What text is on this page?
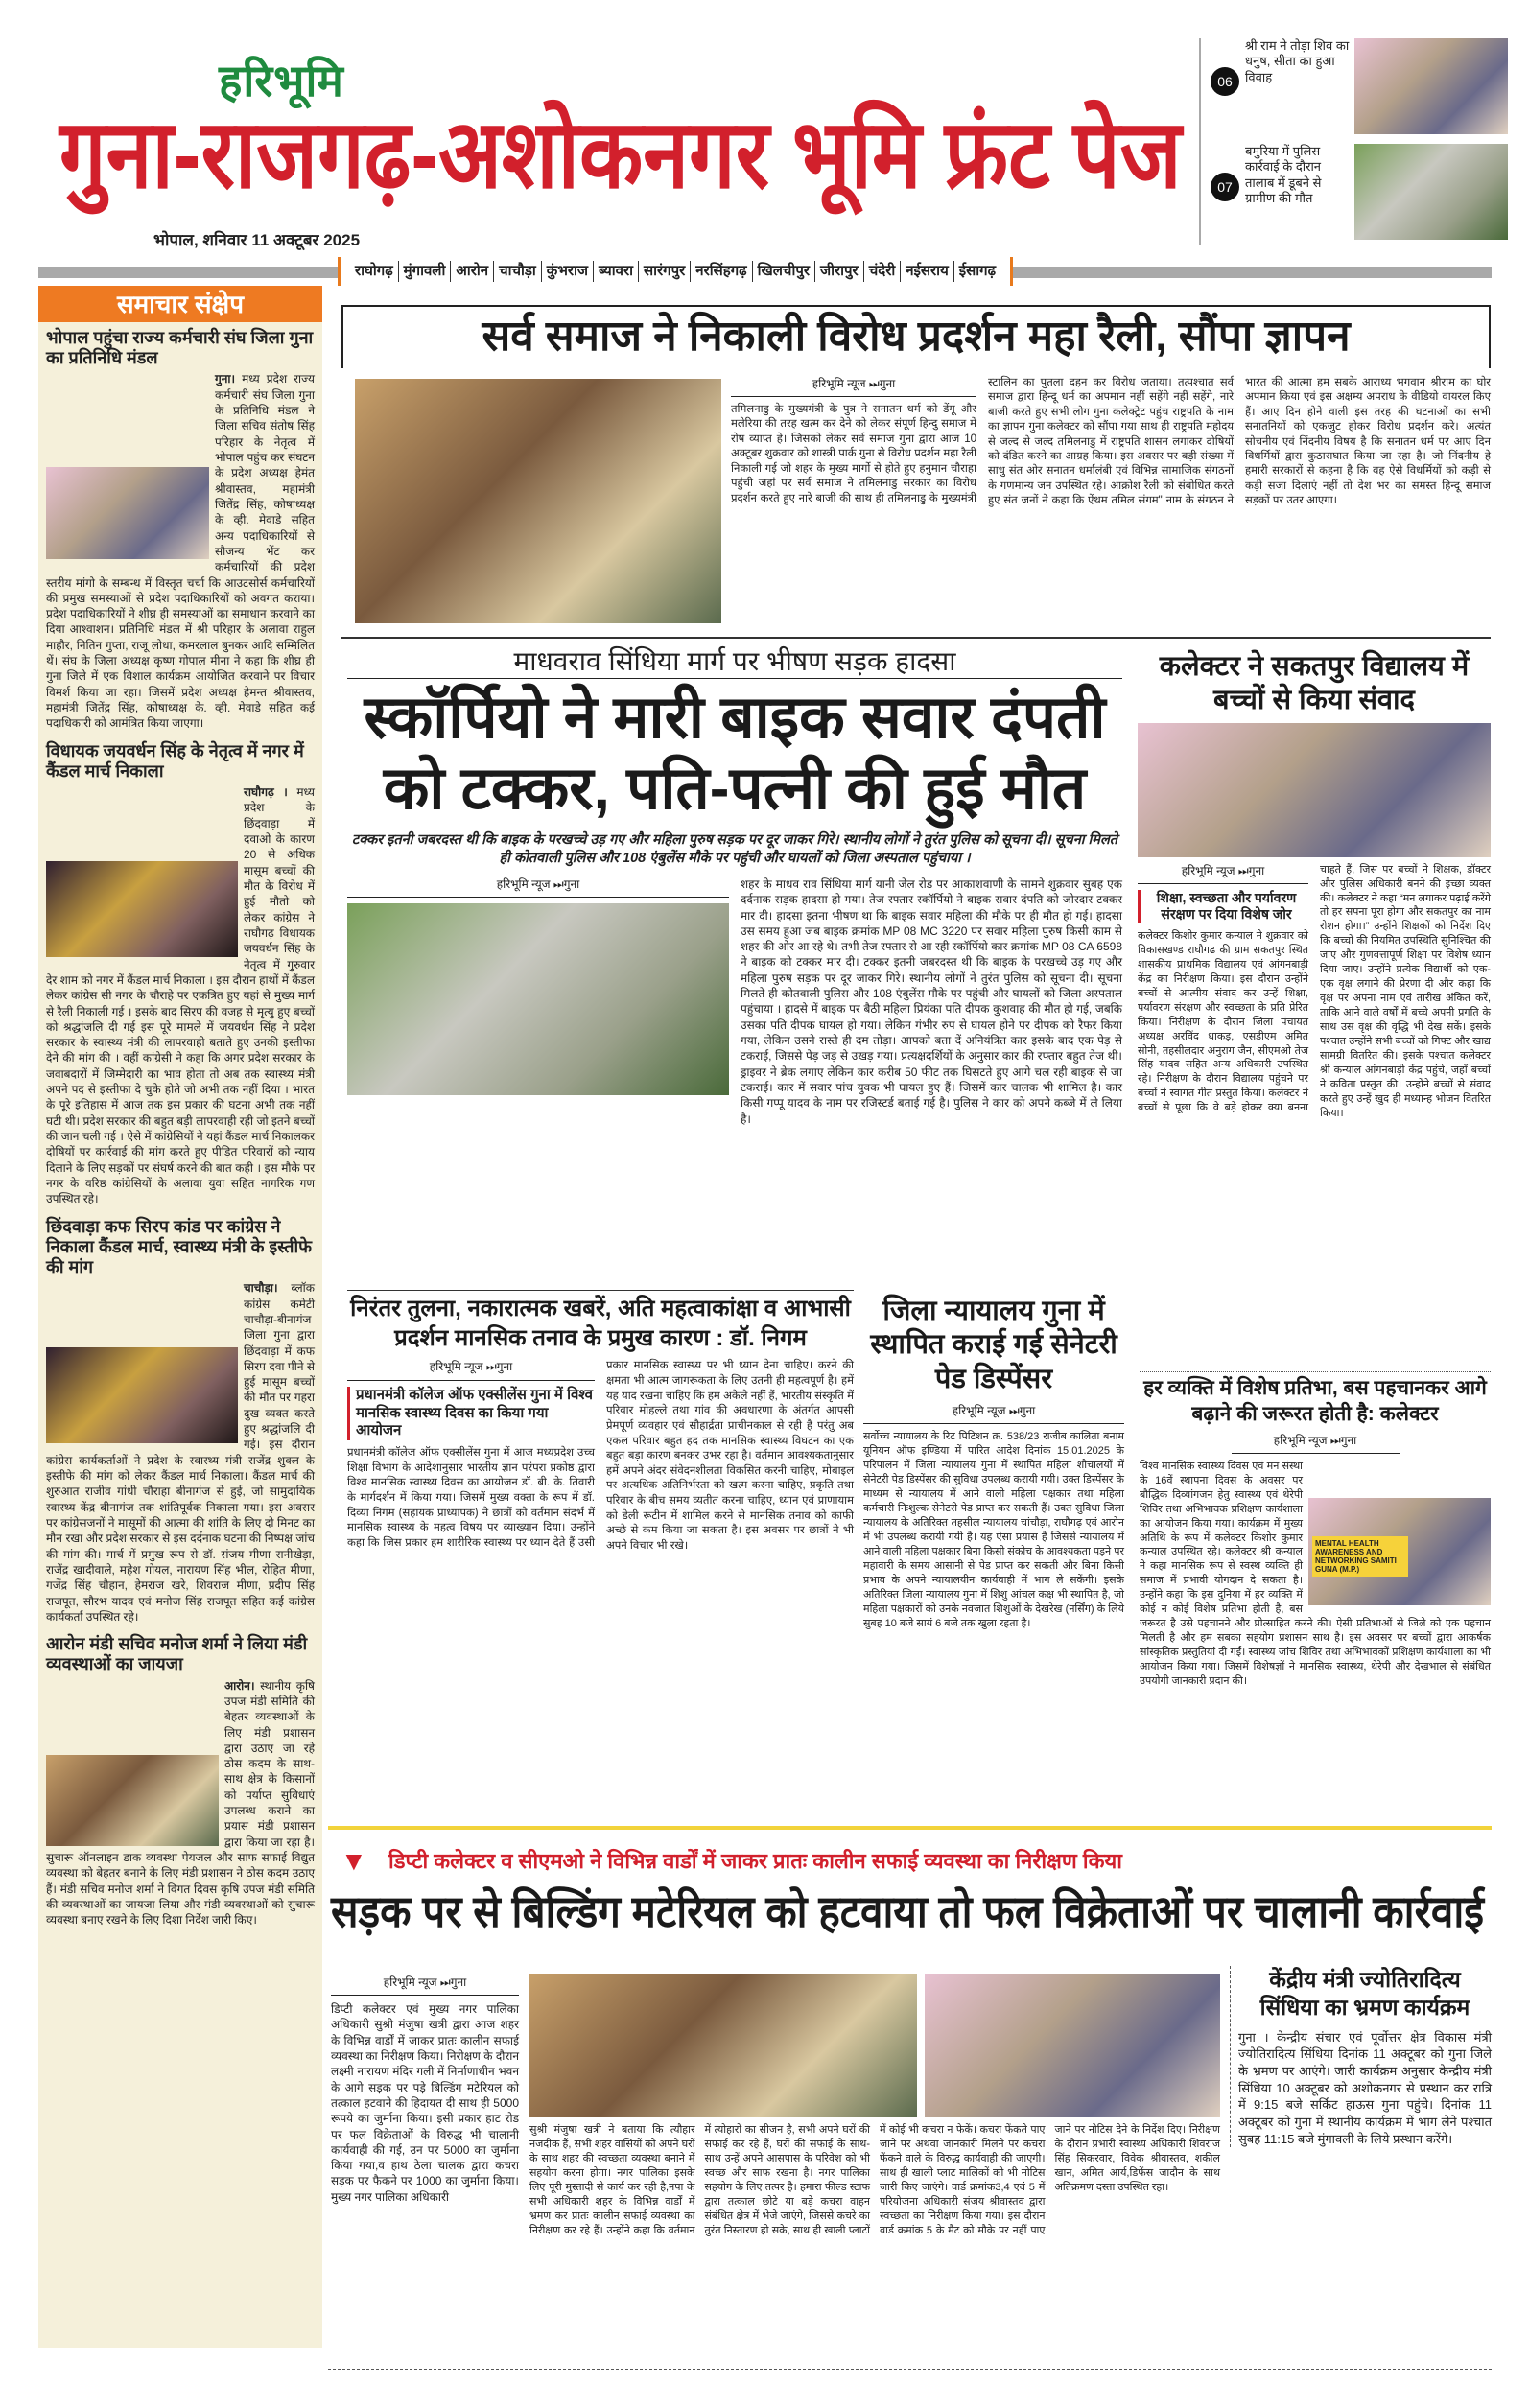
हरिभूमि
गुना-राजगढ़-अशोकनगर भूमि फ्रंट पेज
भोपाल, शनिवार 11 अक्टूबर 2025
06
श्री राम ने तोड़ा शिव का धनुष, सीता का हुआ विवाह
07
बमुरिया में पुलिस कार्रवाई के दौरान तालाब में डूबने से ग्रामीण की मौत
राघोगढ़ मुंगावली आरोन चाचौड़ा कुंभराज ब्यावरा सारंगपुर नरसिंहगढ़ खिलचीपुर जीरापुर चंदेरी नईसराय ईसागढ़
समाचार संक्षेप
भोपाल पहुंचा राज्य कर्मचारी संघ जिला गुना का प्रतिनिधि मंडल

गुना। मध्य प्रदेश राज्य कर्मचारी संघ जिला गुना के प्रतिनिधि मंडल ने जिला सचिव संतोष सिंह परिहार के नेतृत्व में भोपाल पहुंच कर संघटन के प्रदेश अध्यक्ष हेमंत श्रीवास्तव, महामंत्री जितेंद्र सिंह, कोषाध्यक्ष के व्ही. मेवाडे सहित अन्य पदाधिकारियों से सौजन्य भेंट कर कर्मचारियों की प्रदेश स्तरीय मांगो के सम्बन्ध में विस्तृत चर्चा कि आउटसोर्स कर्मचारियों की प्रमुख समस्याओं से प्रदेश पदाधिकारियों को अवगत कराया। प्रदेश पदाधिकारियों ने शीघ्र ही समस्याओं का समाधान करवाने का दिया आश्वाशन। प्रतिनिधि मंडल में श्री परिहार के अलावा राहुल माहौर, नितिन गुप्ता, राजू लोधा, कमरलाल बुनकर आदि सम्मिलित थें। संघ के जिला अध्यक्ष कृष्ण गोपाल मीना ने कहा कि शीघ्र ही गुना जिले में एक विशाल कार्यक्रम आयोजित करवाने पर विचार विमर्श किया जा रहा। जिसमें प्रदेश अध्यक्ष हेमन्त श्रीवास्तव, महामंत्री जितेंद्र सिंह, कोषाध्यक्ष के. व्ही. मेवाडे सहित कई पदाधिकारी को आमंत्रित किया जाएगा।

विधायक जयवर्धन सिंह के नेतृत्व में नगर में कैंडल मार्च निकाला

राघौगढ़ । मध्य प्रदेश के छिंदवाड़ा में दवाओ के कारण 20 से अधिक मासूम बच्चों की मौत के विरोध में हुई मौतो को लेकर कांग्रेस ने राघौगढ़ विधायक जयवर्धन सिंह के नेतृत्व में गुरुवार देर शाम को नगर में कैंडल मार्च निकाला । इस दौरान हाथों में कैंडल लेकर कांग्रेस सी नगर के चौराहे पर एकत्रित हुए यहां से मुख्य मार्ग से रैली निकाली गई । इसके बाद सिरप की वजह से मृत्यु हुए बच्चों को श्रद्धांजलि दी गई इस पूरे मामले में जयवर्धन सिंह ने प्रदेश सरकार के स्वास्थ्य मंत्री की लापरवाही बताते हुए उनकी इस्तीफा देने की मांग की । वहीं कांग्रेसी ने कहा कि अगर प्रदेश सरकार के जवाबदारों में जिम्मेदारी का भाव होता तो अब तक स्वास्थ्य मंत्री अपने पद से इस्तीफा दे चुके होते जो अभी तक नहीं दिया । भारत के पूरे इतिहास में आज तक इस प्रकार की घटना अभी तक नहीं घटी थी। प्रदेश सरकार की बहुत बड़ी लापरवाही रही जो इतने बच्चों की जान चली गई । ऐसे में कांग्रेसियों ने यहां कैंडल मार्च निकालकर दोषियों पर कार्रवाई की मांग करते हुए पीड़ित परिवारों को न्याय दिलाने के लिए सड़कों पर संघर्ष करने की बात कही । इस मौके पर नगर के वरिष्ठ कांग्रेसियों के अलावा युवा सहित नागरिक गण उपस्थित रहे।

छिंदवाड़ा कफ सिरप कांड पर कांग्रेस ने निकाला कैंडल मार्च, स्वास्थ्य मंत्री के इस्तीफे की मांग

चाचौड़ा। ब्लॉक कांग्रेस कमेटी चाचौड़ा-बीनागंज जिला गुना द्वारा छिंदवाड़ा में कफ सिरप दवा पीने से हुई मासूम बच्चों की मौत पर गहरा दुख व्यक्त करते हुए श्रद्धांजलि दी गई। इस दौरान कांग्रेस कार्यकर्ताओं ने प्रदेश के स्वास्थ्य मंत्री राजेंद्र शुक्ल के इस्तीफे की मांग को लेकर कैंडल मार्च निकाला। कैंडल मार्च की शुरुआत राजीव गांधी चौराहा बीनागंज से हुई, जो सामुदायिक स्वास्थ्य केंद्र बीनागंज तक शांतिपूर्वक निकाला गया। इस अवसर पर कांग्रेसजनों ने मासूमों की आत्मा की शांति के लिए दो मिनट का मौन रखा और प्रदेश सरकार से इस दर्दनाक घटना की निष्पक्ष जांच की मांग की। मार्च में प्रमुख रूप से डॉ. संजय मीणा रानीखेड़ा, राजेंद्र खादीवाले, महेश गोयल, नारायण सिंह भील, रोहित मीणा, गजेंद्र सिंह चौहान, हेमराज खरे, शिवराज मीणा, प्रदीप सिंह राजपूत, सौरभ यादव एवं मनोज सिंह राजपूत सहित कई कांग्रेस कार्यकर्ता उपस्थित रहे।

आरोन मंडी सचिव मनोज शर्मा ने लिया मंडी व्यवस्थाओं का जायजा

आरोन। स्थानीय कृषि उपज मंडी समिति की बेहतर व्यवस्थाओं के लिए मंडी प्रशासन द्वारा उठाए जा रहे ठोस कदम के साथ-साथ क्षेत्र के किसानों को पर्याप्त सुविधाएं उपलब्ध कराने का प्रयास मंडी प्रशासन द्वारा किया जा रहा है। सुचारू ऑनलाइन डाक व्यवस्था पेयजल और साफ सफाई विद्युत व्यवस्था को बेहतर बनाने के लिए मंडी प्रशासन ने ठोस कदम उठाए हैं। मंडी सचिव मनोज शर्मा ने विगत दिवस कृषि उपज मंडी समिति की व्यवस्थाओं का जायजा लिया और मंडी व्यवस्थाओं को सुचारू व्यवस्था बनाए रखने के लिए दिशा निर्देश जारी किए।

सर्व समाज ने निकाली विरोध प्रदर्शन महा रैली, सौंपा ज्ञापन
हरिभूमि न्यूज ⏭गुना
तमिलनाडु के मुख्यमंत्री के पुत्र ने सनातन धर्म को डेंगू और मलेरिया की तरह खत्म कर देने को लेकर संपूर्ण हिन्दु समाज में रोष व्याप्त हे। जिसको लेकर सर्व समाज गुना द्वारा आज 10 अक्टूबर शुक्रवार को शास्त्री पार्क गुना से विरोध प्रदर्शन महा रैली निकाली गई जो शहर के मुख्य मार्गो से होते हुए हनुमान चौराहा पहुंची जहां पर सर्व समाज ने तमिलनाडु सरकार का विरोध प्रदर्शन करते हुए नारे बाजी की साथ ही तमिलनाडु के मुख्यमंत्री स्टालिन का पुतला दहन कर विरोध जताया। तत्पश्चात सर्व समाज द्वारा हिन्दू धर्म का अपमान नहीं सहेंगे नहीं सहेंगे, नारे बाजी करते हुए सभी लोग गुना कलेक्ट्रेट पहुंच राष्ट्रपति के नाम का ज्ञापन गुना कलेक्टर को सौंपा गया साथ ही राष्ट्रपति महोदय से जल्द से जल्द तमिलनाडु में राष्ट्रपति शासन लगाकर दोषियों को दंडित करने का आग्रह किया। इस अवसर पर बड़ी संख्या में साधु संत ओर सनातन धर्मालंबी एवं विभिन्न सामाजिक संगठनों के गणमान्य जन उपस्थित रहे। आक्रोश रैली को संबोधित करते हुए संत जनों ने कहा कि ऐंथम तमिल संगम" नाम के संगठन ने भारत की आत्मा हम सबके आराध्य भगवान श्रीराम का घोर अपमान किया एवं इस अक्षम्य अपराध के वीडियो वायरल किए हैं। आए दिन होने वाली इस तरह की घटनाओं का सभी सनातनियों को एकजुट होकर विरोध प्रदर्शन करे। अत्यंत सोचनीय एवं निंदनीय विषय है कि सनातन धर्म पर आए दिन विधर्मियों द्वारा कुठाराघात किया जा रहा है। जो निंदनीय हे हमारी सरकारों से कहना है कि वह ऐसे विधर्मियों को कड़ी से कड़ी सजा दिलाएं नहीं तो देश भर का समस्त हिन्दू समाज सड़कों पर उतर आएगा।
माधवराव सिंधिया मार्ग पर भीषण सड़क हादसा
स्कॉर्पियो ने मारी बाइक सवार दंपती को टक्कर, पति-पत्नी की हुई मौत
टक्कर इतनी जबरदस्त थी कि बाइक के परखच्चे उड़ गए और महिला पुरुष सड़क पर दूर जाकर गिरे। स्थानीय लोगों ने तुरंत पुलिस को सूचना दी। सूचना मिलते ही कोतवाली पुलिस और 108 एंबुलेंस मौके पर पहुंची और घायलों को जिला अस्पताल पहुंचाया ।
हरिभूमि न्यूज ⏭गुना	शहर के माधव राव सिंधिया मार्ग यानी जेल रोड पर आकाशवाणी के सामने शुक्रवार सुबह एक दर्दनाक सड़क हादसा हो गया। तेज रफ्तार स्कॉर्पियो ने बाइक सवार दंपति को जोरदार टक्कर मार दी। हादसा इतना भीषण था कि बाइक सवार महिला की मौके पर ही मौत हो गई। हादसा उस समय हुआ जब बाइक क्रमांक MP 08 MC 3220 पर सवार महिला पुरुष किसी काम से शहर की ओर आ रहे थे। तभी तेज रफ्तार से आ रही स्कॉर्पियो कार क्रमांक MP 08 CA 6598 ने बाइक को टक्कर मार दी। टक्कर इतनी जबरदस्त थी कि बाइक के परखच्चे उड़ गए और महिला पुरुष सड़क पर दूर जाकर गिरे। स्थानीय लोगों ने तुरंत पुलिस को सूचना दी। सूचना मिलते ही कोतवाली पुलिस और 108 एंबुलेंस मौके पर पहुंची और घायलों को जिला अस्पताल पहुंचाया । हादसे में बाइक पर बैठी महिला प्रियंका पति दीपक कुशवाह की मौत हो गई, जबकि उसका पति दीपक घायल हो गया। लेकिन गंभीर रुप से घायल होने पर दीपक को रैफर किया गया, लेकिन उसने रास्ते ही दम तोड़ा। आपको बता दें अनियंत्रित कार इसके बाद एक पेड़ से टकराई, जिससे पेड़ जड़ से उखड़ गया। प्रत्यक्षदर्शियों के अनुसार कार की रफ्तार बहुत तेज थी। ड्राइवर ने ब्रेक लगाए लेकिन कार करीब 50 फीट तक घिसटते हुए आगे चल रही बाइक से जा टकराई। कार में सवार पांच युवक भी घायल हुए हैं। जिसमें कार चालक भी शामिल है। कार किसी गप्पू यादव के नाम पर रजिस्टर्ड बताई गई है। पुलिस ने कार को अपने कब्जे में ले लिया है।
कलेक्टर ने सकतपुर विद्यालय में बच्चों से किया संवाद
हरिभूमि न्यूज ⏭गुना
शिक्षा, स्वच्छता और पर्यावरण संरक्षण पर दिया विशेष जोर
कलेक्टर किशोर कुमार कन्याल ने शुक्रवार को विकासखण्ड राघौगढ की ग्राम सकतपुर स्थित शासकीय प्राथमिक विद्यालय एवं आंगनबाड़ी केंद्र का निरीक्षण किया। इस दौरान उन्होंने बच्चों से आत्मीय संवाद कर उन्हें शिक्षा, पर्यावरण संरक्षण और स्वच्छता के प्रति प्रेरित किया। निरीक्षण के दौरान जिला पंचायत अध्यक्ष अरविंद धाकड़, एसडीएम अमित सोनी, तहसीलदार अनुराग जैन, सीएमओ तेज सिंह यादव सहित अन्य अधिकारी उपस्थित रहे। निरीक्षण के दौरान विद्यालय पहुंचने पर बच्चों ने स्वागत गीत प्रस्तुत किया। कलेक्टर ने बच्चों से पूछा कि वे बड़े होकर क्या बनना चाहते हैं, जिस पर बच्चों ने शिक्षक, डॉक्टर और पुलिस अधिकारी बनने की इच्छा व्यक्त की। कलेक्टर ने कहा “मन लगाकर पढ़ाई करेंगे तो हर सपना पूरा होगा और सकतपुर का नाम रोशन होगा।” उन्होंने शिक्षकों को निर्देश दिए कि बच्चों की नियमित उपस्थिति सुनिश्चित की जाए और गुणवत्तापूर्ण शिक्षा पर विशेष ध्यान दिया जाए। उन्होंने प्रत्येक विद्यार्थी को एक-एक वृक्ष लगाने की प्रेरणा दी और कहा कि वृक्ष पर अपना नाम एवं तारीख अंकित करें, ताकि आने वाले वर्षों में बच्चे अपनी प्रगति के साथ उस वृक्ष की वृद्धि भी देख सकें। इसके पश्चात उन्होंने सभी बच्चों को गिफ्ट और खाद्य सामग्री वितरित की। इसके पश्चात कलेक्टर श्री कन्याल आंगनबाड़ी केंद्र पहुंचे, जहाँ बच्चों ने कविता प्रस्तुत की। उन्होंने बच्चों से संवाद करते हुए उन्हें खुद ही मध्यान्ह भोजन वितरित किया।
निरंतर तुलना, नकारात्मक खबरें, अति महत्वाकांक्षा व आभासी प्रदर्शन मानसिक तनाव के प्रमुख कारण : डॉ. निगम
हरिभूमि न्यूज ⏭गुना
प्रधानमंत्री कॉलेज ऑफ एक्सीलेंस गुना में विश्व मानसिक स्वास्थ्य दिवस का किया गया आयोजन
प्रधानमंत्री कॉलेज ऑफ एक्सीलेंस गुना में आज मध्यप्रदेश उच्च शिक्षा विभाग के आदेशानुसार भारतीय ज्ञान परंपरा प्रकोष्ठ द्वारा विश्व मानसिक स्वास्थ्य दिवस का आयोजन डॉ. बी. के. तिवारी के मार्गदर्शन में किया गया। जिसमें मुख्य वक्ता के रूप में डॉ. दिव्या निगम (सहायक प्राध्यापक) ने छात्रों को वर्तमान संदर्भ में मानसिक स्वास्थ्य के महत्व विषय पर व्याख्यान दिया। उन्होंने कहा कि जिस प्रकार हम शारीरिक स्वास्थ्य पर ध्यान देते हैं उसी प्रकार मानसिक स्वास्थ्य पर भी ध्यान देना चाहिए। करने की क्षमता भी आत्म जागरूकता के लिए उतनी ही महत्वपूर्ण है। हमें यह याद रखना चाहिए कि हम अकेले नहीं हैं, भारतीय संस्कृति में परिवार मोहल्ले तथा गांव की अवधारणा के अंतर्गत आपसी प्रेमपूर्ण व्यवहार एवं सौहार्द्रता प्राचीनकाल से रही है परंतु अब एकल परिवार बहुत हद तक मानसिक स्वास्थ्य विघटन का एक बहुत बड़ा कारण बनकर उभर रहा है। वर्तमान आवश्यकतानुसार हमें अपने अंदर संवेदनशीलता विकसित करनी चाहिए, मोबाइल पर अत्यधिक अतिनिर्भरता को खत्म करना चाहिए, प्रकृति तथा परिवार के बीच समय व्यतीत करना चाहिए, ध्यान एवं प्राणायाम को डेली रूटीन में शामिल करने से मानसिक तनाव को काफी अच्छे से कम किया जा सकता है। इस अवसर पर छात्रों ने भी अपने विचार भी रखे।
जिला न्यायालय गुना में स्थापित कराई गई सेनेटरी पेड डिस्पेंसर
हरिभूमि न्यूज ⏭गुना
सर्वोच्च न्यायालय के रिट पिटिशन क्र. 538/23 राजीब कालिता बनाम यूनियन ऑफ इण्डिया में पारित आदेश दिनांक 15.01.2025 के परिपालन में जिला न्यायालय गुना में स्थापित महिला शौचालयों में सेनेटरी पेड डिस्पेंसर की सुविधा उपलब्ध करायी गयी। उक्त डिस्पेंसर के माध्यम से न्यायालय में आने वाली महिला पक्षकार तथा महिला कर्मचारी निःशुल्क सेनेटरी पेड प्राप्त कर सकती हैं। उक्त सुविधा जिला न्यायालय के अतिरिक्त तहसील न्यायालय चांचौड़ा, राघौगढ़ एवं आरोन में भी उपलब्ध करायी गयी है। यह ऐसा प्रयास है जिससे न्यायालय में आने वाली महिला पक्षकार बिना किसी संकोच के आवश्यकता पड़ने पर महावारी के समय आसानी से पेड प्राप्त कर सकती और बिना किसी प्रभाव के अपने न्यायालयीन कार्यवाही में भाग ले सकेंगी। इसके अतिरिक्त जिला न्यायालय गुना में शिशु आंचल कक्ष भी स्थापित है, जो महिला पक्षकारों को उनके नवजात शिशुओं के देखरेख (नर्सिंग) के लिये सुबह 10 बजे सायं 6 बजे तक खुला रहता है।
हर व्यक्ति में विशेष प्रतिभा, बस पहचानकर आगे बढ़ाने की जरूरत होती है: कलेक्टर
हरिभूमि न्यूज ⏭गुना
MENTAL HEALTH AWARENESS AND NETWORKING SAMITI GUNA (M.P.)
विश्व मानसिक स्वास्थ्य दिवस एवं मन संस्था के 16वें स्थापना दिवस के अवसर पर बौद्धिक दिव्यांगजन हेतु स्वास्थ्य एवं थेरेपी शिविर तथा अभिभावक प्रशिक्षण कार्यशाला का आयोजन किया गया। कार्यक्रम में मुख्य अतिथि के रूप में कलेक्टर किशोर कुमार कन्याल उपस्थित रहे। कलेक्टर श्री कन्याल ने कहा मानसिक रूप से स्वस्थ व्यक्ति ही समाज में प्रभावी योगदान दे सकता है। उन्होंने कहा कि इस दुनिया में हर व्यक्ति में कोई न कोई विशेष प्रतिभा होती है, बस जरूरत है उसे पहचानने और प्रोत्साहित करने की। ऐसी प्रतिभाओं से जिले को एक पहचान मिलती है और हम सबका सहयोग प्रशासन साथ है। इस अवसर पर बच्चों द्वारा आकर्षक सांस्कृतिक प्रस्तुतियां दी गईं। स्वास्थ्य जांच शिविर तथा अभिभावकों प्रशिक्षण कार्यशाला का भी आयोजन किया गया। जिसमें विशेषज्ञों ने मानसिक स्वास्थ्य, थेरेपी और देखभाल से संबंधित उपयोगी जानकारी प्रदान की।
▼	डिप्टी कलेक्टर व सीएमओ ने विभिन्न वार्डों में जाकर प्रातः कालीन सफाई व्यवस्था का निरीक्षण किया
सड़क पर से बिल्डिंग मटेरियल को हटवाया तो फल विक्रेताओं पर चालानी कार्रवाई
हरिभूमि न्यूज ⏭गुना
डिप्टी कलेक्टर एवं मुख्य नगर पालिका अधिकारी सुश्री मंजुषा खत्री द्वारा आज शहर के विभिन्न वार्डों में जाकर प्रातः कालीन सफाई व्यवस्था का निरीक्षण किया। निरीक्षण के दौरान लक्ष्मी नारायण मंदिर गली में निर्माणाधीन भवन के आगे सड़क पर पड़े बिल्डिंग मटेरियल को तत्काल हटवाने की हिदायत दी साथ ही 5000 रूपये का जुर्माना किया। इसी प्रकार हाट रोड पर फल विक्रेताओं के विरुद्ध भी चालानी कार्यवाही की गई, उन पर 5000 का जुर्माना किया गया,व हाथ ठेला चालक द्वारा कचरा सड़क पर फैकने पर 1000 का जुर्माना किया। मुख्य नगर पालिका अधिकारी
सुश्री मंजुषा खत्री ने बताया कि त्यौहार नजदीक हैं, सभी शहर वासियों को अपने घरों के साथ शहर की स्वच्छता व्यवस्था बनाने में सहयोग करना होगा। नगर पालिका इसके लिए पूरी मुस्तादी से कार्य कर रही है,नपा के सभी अधिकारी शहर के विभिन्न वार्डों में भ्रमण कर प्रातः कालीन सफाई व्यवस्था का निरीक्षण कर रहे हैं। उन्होंने कहा कि वर्तमान में त्योहारों का सीजन है, सभी अपने घरों की सफाई कर रहे हैं, घरों की सफाई के साथ-साथ उन्हें अपने आसपास के परिवेश को भी स्वच्छ और साफ रखना है। नगर पालिका सहयोग के लिए तत्पर है। हमारा फील्ड स्टाफ द्वारा तत्काल छोटे या बड़े कचरा वाहन संबंधित क्षेत्र में भेजे जाएंगे, जिससे कचरे का तुरंत निस्तारण हो सके, साथ ही खाली प्लाटों में कोई भी कचरा न फेकें। कचरा फेंकते पाए जाने पर अथवा जानकारी मिलने पर कचरा फेंकने वाले के विरुद्ध कार्यवाही की जाएगी। साथ ही खाली प्लाट मालिकों को भी नोटिस जारी किए जाएंगे। वार्ड क्रमांक3,4 एवं 5 में परियोजना अधिकारी संजय श्रीवास्तव द्वारा स्वच्छता का निरीक्षण किया गया। इस दौरान वार्ड क्रमांक 5 के मैट को मौके पर नहीं पाए जाने पर नोटिस देने के निर्देश दिए। निरीक्षण के दौरान प्रभारी स्वास्थ्य अधिकारी शिवराज सिंह सिकरवार, विवेक श्रीवास्तव, शकील खान, अमित आर्य,डिफेंस जादौन के साथ अतिक्रमण दस्ता उपस्थित रहा।
केंद्रीय मंत्री ज्योतिरादित्य सिंधिया का भ्रमण कार्यक्रम
गुना । केन्द्रीय संचार एवं पूर्वोत्तर क्षेत्र विकास मंत्री ज्योतिरादित्य सिंधिया दिनांक 11 अक्टूबर को गुना जिले के भ्रमण पर आएंगे। जारी कार्यक्रम अनुसार केन्द्रीय मंत्री सिंधिया 10 अक्टूबर को अशोकनगर से प्रस्थान कर रात्रि में 9:15 बजे सर्किट हाऊस गुना पहुंचे। दिनांक 11 अक्टूबर को गुना में स्थानीय कार्यक्रम में भाग लेने पश्चात सुबह 11:15 बजे मुंगावली के लिये प्रस्थान करेंगे।
